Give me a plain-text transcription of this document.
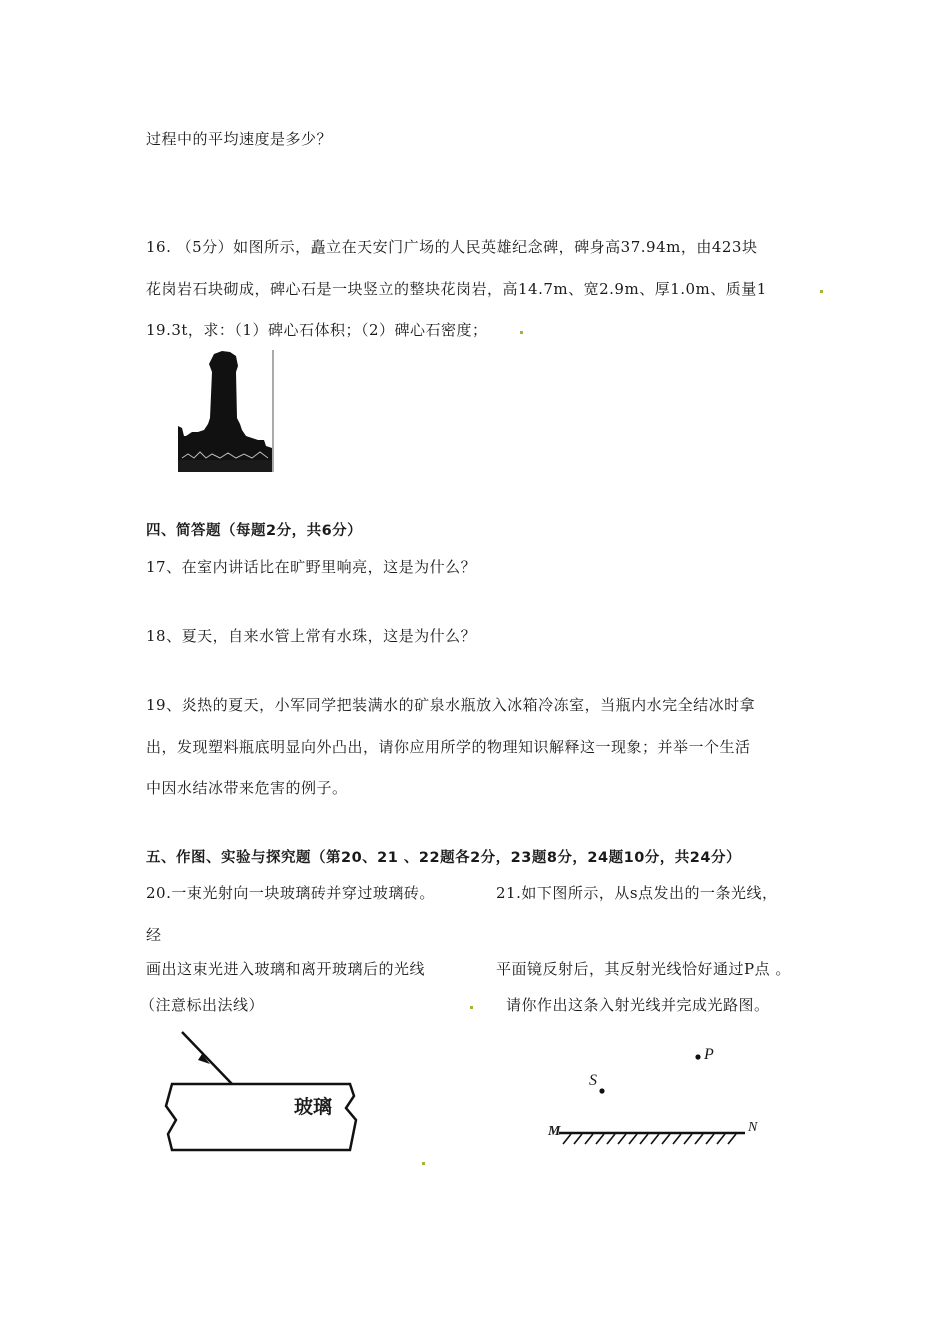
过程中的平均速度是多少？
16. （5分）如图所示，矗立在天安门广场的人民英雄纪念碑，碑身高37.94m，由423块
花岗岩石块砌成，碑心石是一块竖立的整块花岗岩，高14.7m、宽2.9m、厚1.0m、质量1
19.3t，求：（1）碑心石体积；（2）碑心石密度；
四、简答题（每题2分，共6分）
17、在室内讲话比在旷野里响亮，这是为什么？
18、夏天，自来水管上常有水珠，这是为什么？
19、炎热的夏天，小军同学把装满水的矿泉水瓶放入冰箱冷冻室，当瓶内水完全结冰时拿
出，发现塑料瓶底明显向外凸出，请你应用所学的物理知识解释这一现象；并举一个生活
中因水结冰带来危害的例子。
五、作图、实验与探究题（第20、21 、22题各2分，23题8分，24题10分，共24分）
20.一束光射向一块玻璃砖并穿过玻璃砖。	21.如下图所示，从s点发出的一条光线，
经
画出这束光进入玻璃和离开玻璃后的光线	平面镜反射后，其反射光线恰好通过P点 。
（注意标出法线）	请你作出这条入射光线并完成光路图。
玻璃
P
S
M	N
